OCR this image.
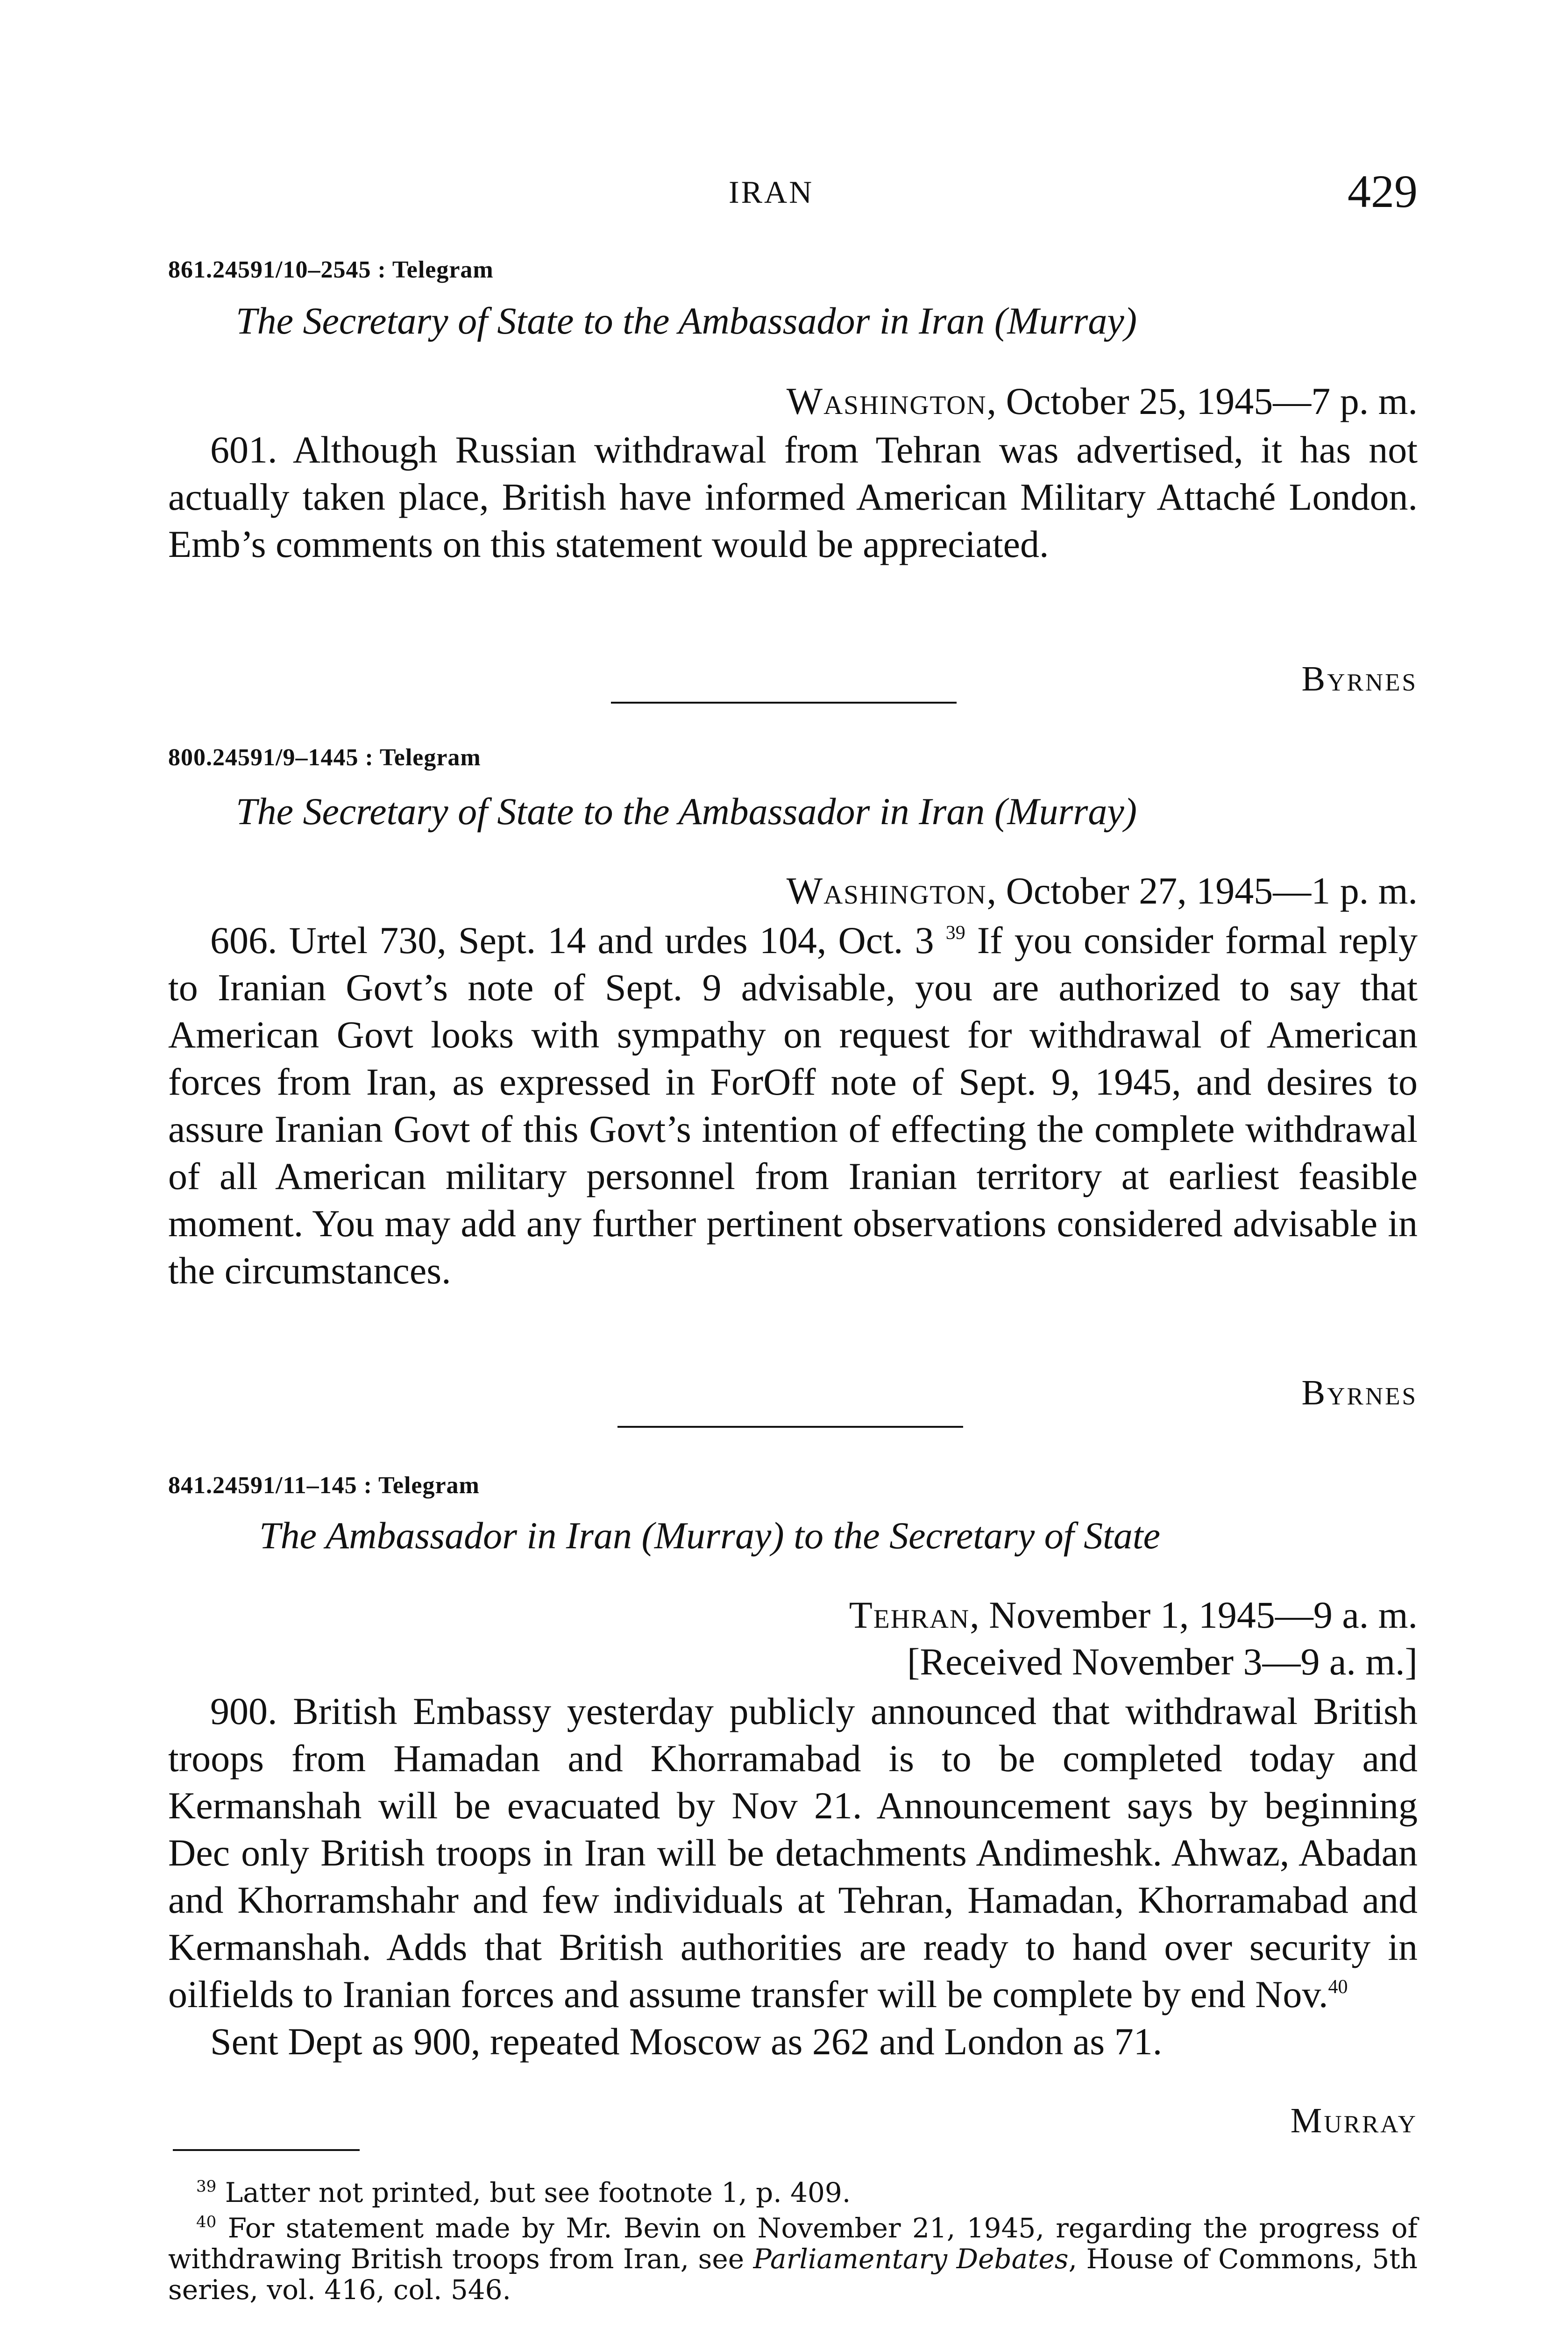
IRAN	429
861.24591/10–2545 : Telegram
The Secretary of State to the Ambassador in Iran (Murray)
Washington, October 25, 1945—7 p. m.

601. Although Russian withdrawal from Tehran was advertised, it has not actually taken place, British have informed American Military Attaché London. Emb’s comments on this statement would be appreciated.

Byrnes
800.24591/9–1445 : Telegram
The Secretary of State to the Ambassador in Iran (Murray)
Washington, October 27, 1945—1 p. m.

606. Urtel 730, Sept. 14 and urdes 104, Oct. 3 $^{39}$ If you consider formal reply to Iranian Govt’s note of Sept. 9 advisable, you are authorized to say that American Govt looks with sympathy on request for withdrawal of American forces from Iran, as expressed in ForOff note of Sept. 9, 1945, and desires to assure Iranian Govt of this Govt’s intention of effecting the complete withdrawal of all American military personnel from Iranian territory at earliest feasible moment. You may add any further pertinent observations considered advisable in the circumstances.

Byrnes
841.24591/11–145 : Telegram
The Ambassador in Iran (Murray) to the Secretary of State
Tehran, November 1, 1945—9 a. m.
[Received November 3—9 a. m.]

900. British Embassy yesterday publicly announced that withdrawal British troops from Hamadan and Khorramabad is to be completed today and Kermanshah will be evacuated by Nov 21. Announcement says by beginning Dec only British troops in Iran will be detachments Andimeshk. Ahwaz, Abadan and Khorramshahr and few individuals at Tehran, Hamadan, Khorramabad and Kermanshah. Adds that British authorities are ready to hand over security in oilfields to Iranian forces and assume transfer will be complete by end Nov.$^{40}$

Sent Dept as 900, repeated Moscow as 262 and London as 71.

Murray

$^{39}$ Latter not printed, but see footnote 1, p. 409.

$^{40}$ For statement made by Mr. Bevin on November 21, 1945, regarding the progress of withdrawing British troops from Iran, see Parliamentary Debates, House of Commons, 5th series, vol. 416, col. 546.
